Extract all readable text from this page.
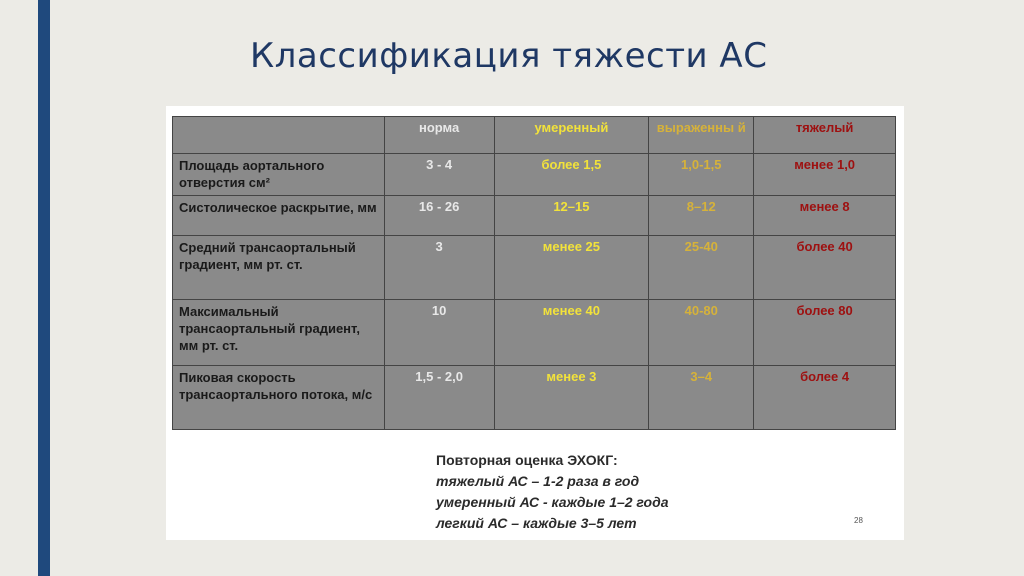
Классификация тяжести АС
	норма	умеренный	выраженны й	тяжелый
Площадь аортального отверстия см²	3 - 4	более 1,5	1,0-1,5	менее 1,0
Систолическое раскрытие, мм	16 - 26	12–15	8–12	менее 8
Средний трансаортальный градиент, мм рт. ст.	3	менее 25	25-40	более 40
Максимальный трансаортальный градиент, мм рт. ст.	10	менее 40	40-80	более 80
Пиковая скорость трансаортального потока, м/с	1,5 - 2,0	менее 3	3–4	более 4
Повторная оценка ЭХОКГ:
тяжелый АС – 1-2 раза в год
умеренный АС - каждые 1–2 года
легкий АС – каждые 3–5 лет	28
